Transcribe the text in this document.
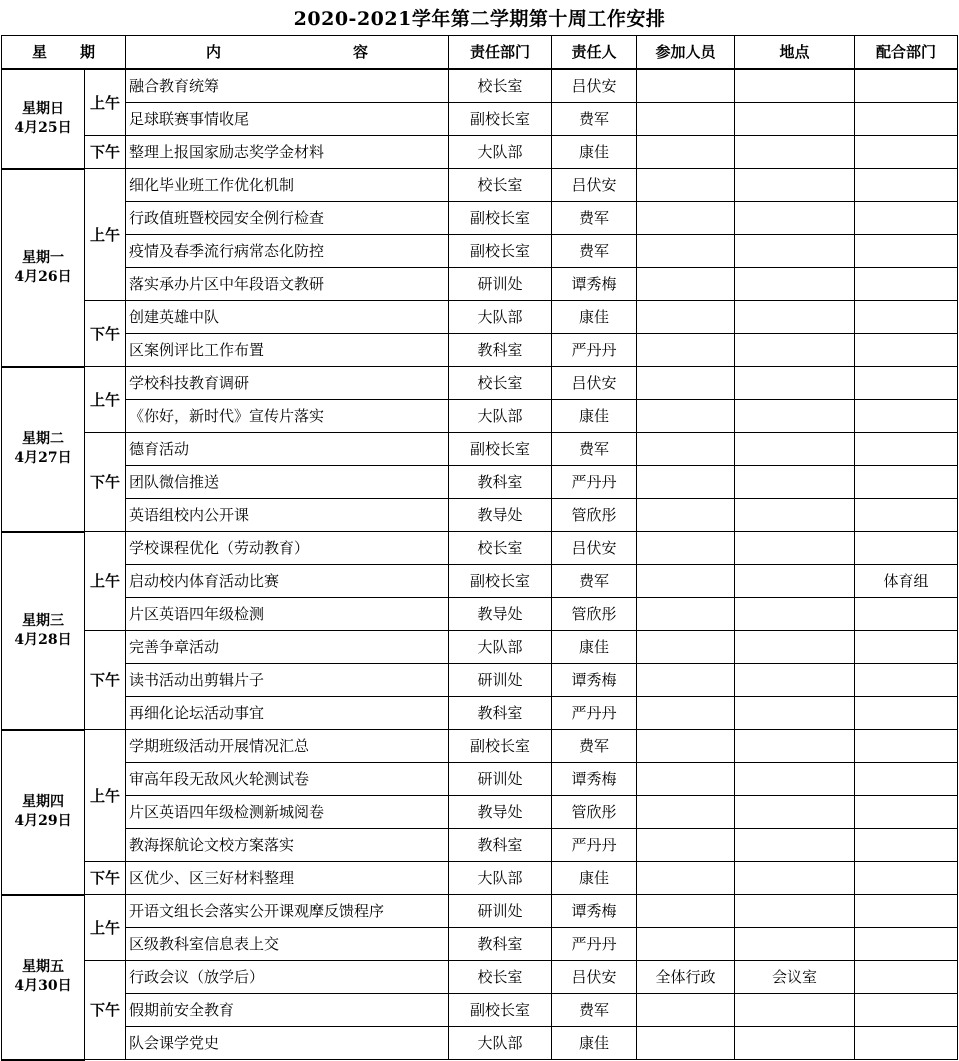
2020-2021学年第二学期第十周工作安排
星 期		内 容	责任部门	责任人	参加人员	地点	配合部门

星期日
4月25日	上午	融合教育统筹	校长室	吕伏安			
		足球联赛事情收尾	副校长室	费军			
	下午	整理上报国家励志奖学金材料	大队部	康佳			

星期一
4月26日	上午	细化毕业班工作优化机制	校长室	吕伏安			
		行政值班暨校园安全例行检查	副校长室	费军			
		疫情及春季流行病常态化防控	副校长室	费军			
		落实承办片区中年段语文教研	研训处	谭秀梅			
	下午	创建英雄中队	大队部	康佳			
		区案例评比工作布置	教科室	严丹丹			

星期二
4月27日	上午	学校科技教育调研	校长室	吕伏安			
		《你好，新时代》宣传片落实	大队部	康佳			
	下午	德育活动	副校长室	费军			
		团队微信推送	教科室	严丹丹			
		英语组校内公开课	教导处	管欣彤			

星期三
4月28日	上午	学校课程优化（劳动教育）	校长室	吕伏安			
		启动校内体育活动比赛	副校长室	费军			体育组
		片区英语四年级检测	教导处	管欣彤			
	下午	完善争章活动	大队部	康佳			
		读书活动出剪辑片子	研训处	谭秀梅			
		再细化论坛活动事宜	教科室	严丹丹			

星期四
4月29日	上午	学期班级活动开展情况汇总	副校长室	费军			
		审高年段无敌风火轮测试卷	研训处	谭秀梅			
		片区英语四年级检测新城阅卷	教导处	管欣彤			
		教海探航论文校方案落实	教科室	严丹丹			
	下午	区优少、区三好材料整理	大队部	康佳			

星期五
4月30日	上午	开语文组长会落实公开课观摩反馈程序	研训处	谭秀梅			
		区级教科室信息表上交	教科室	严丹丹			
	下午	行政会议（放学后）	校长室	吕伏安	全体行政	会议室	
		假期前安全教育	副校长室	费军			
		队会课学党史	大队部	康佳			
